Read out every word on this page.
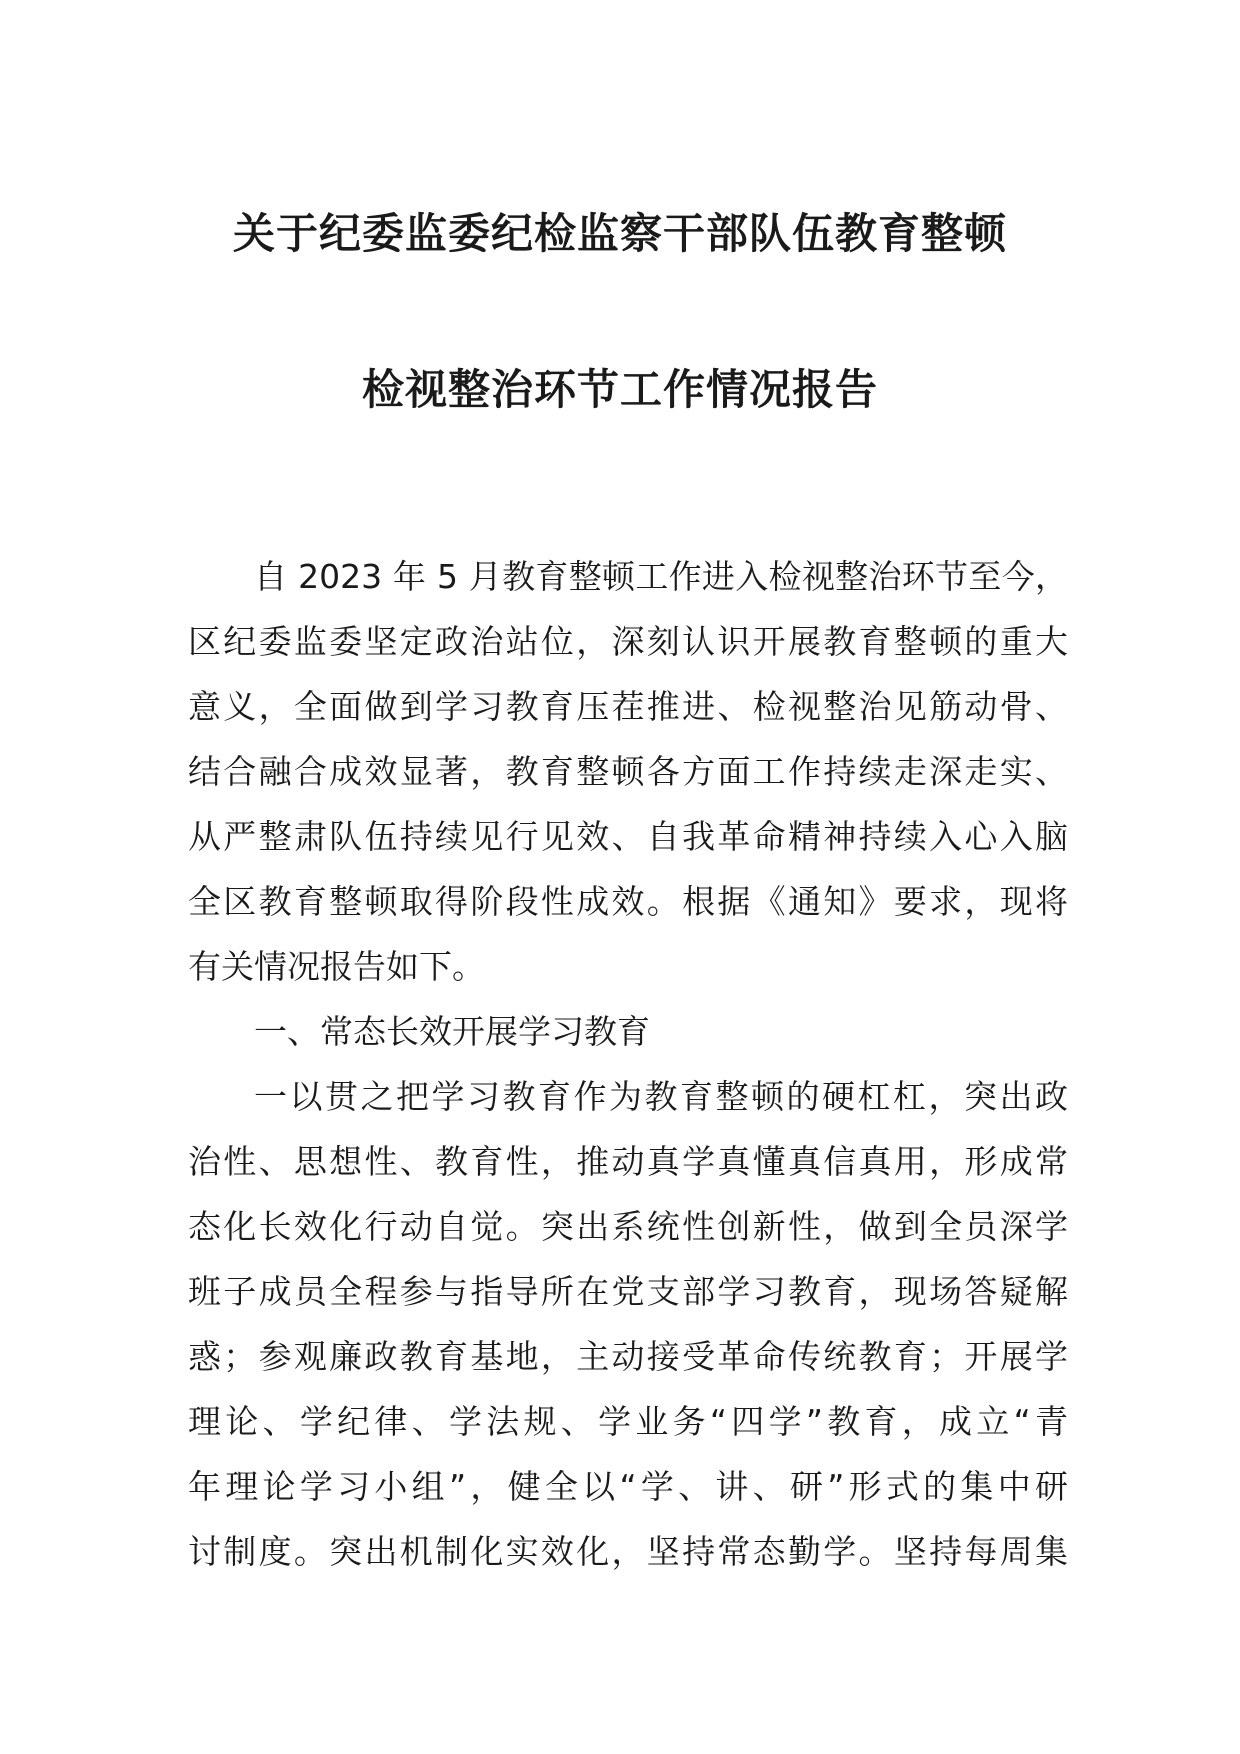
关于纪委监委纪检监察干部队伍教育整顿
检视整治环节工作情况报告
自 2023 年 5 月教育整顿工作进入检视整治环节至今，
区纪委监委坚定政治站位，深刻认识开展教育整顿的重大
意义，全面做到学习教育压茬推进、检视整治见筋动骨、
结合融合成效显著，教育整顿各方面工作持续走深走实、
从严整肃队伍持续见行见效、自我革命精神持续入心入脑
全区教育整顿取得阶段性成效。根据《通知》要求，现将
有关情况报告如下。
一、常态长效开展学习教育
一以贯之把学习教育作为教育整顿的硬杠杠，突出政
治性、思想性、教育性，推动真学真懂真信真用，形成常
态化长效化行动自觉。突出系统性创新性，做到全员深学
班子成员全程参与指导所在党支部学习教育，现场答疑解
惑；参观廉政教育基地，主动接受革命传统教育；开展学
理论、学纪律、学法规、学业务“四学”教育，成立“青
年理论学习小组”，健全以“学、讲、研”形式的集中研
讨制度。突出机制化实效化，坚持常态勤学。坚持每周集
